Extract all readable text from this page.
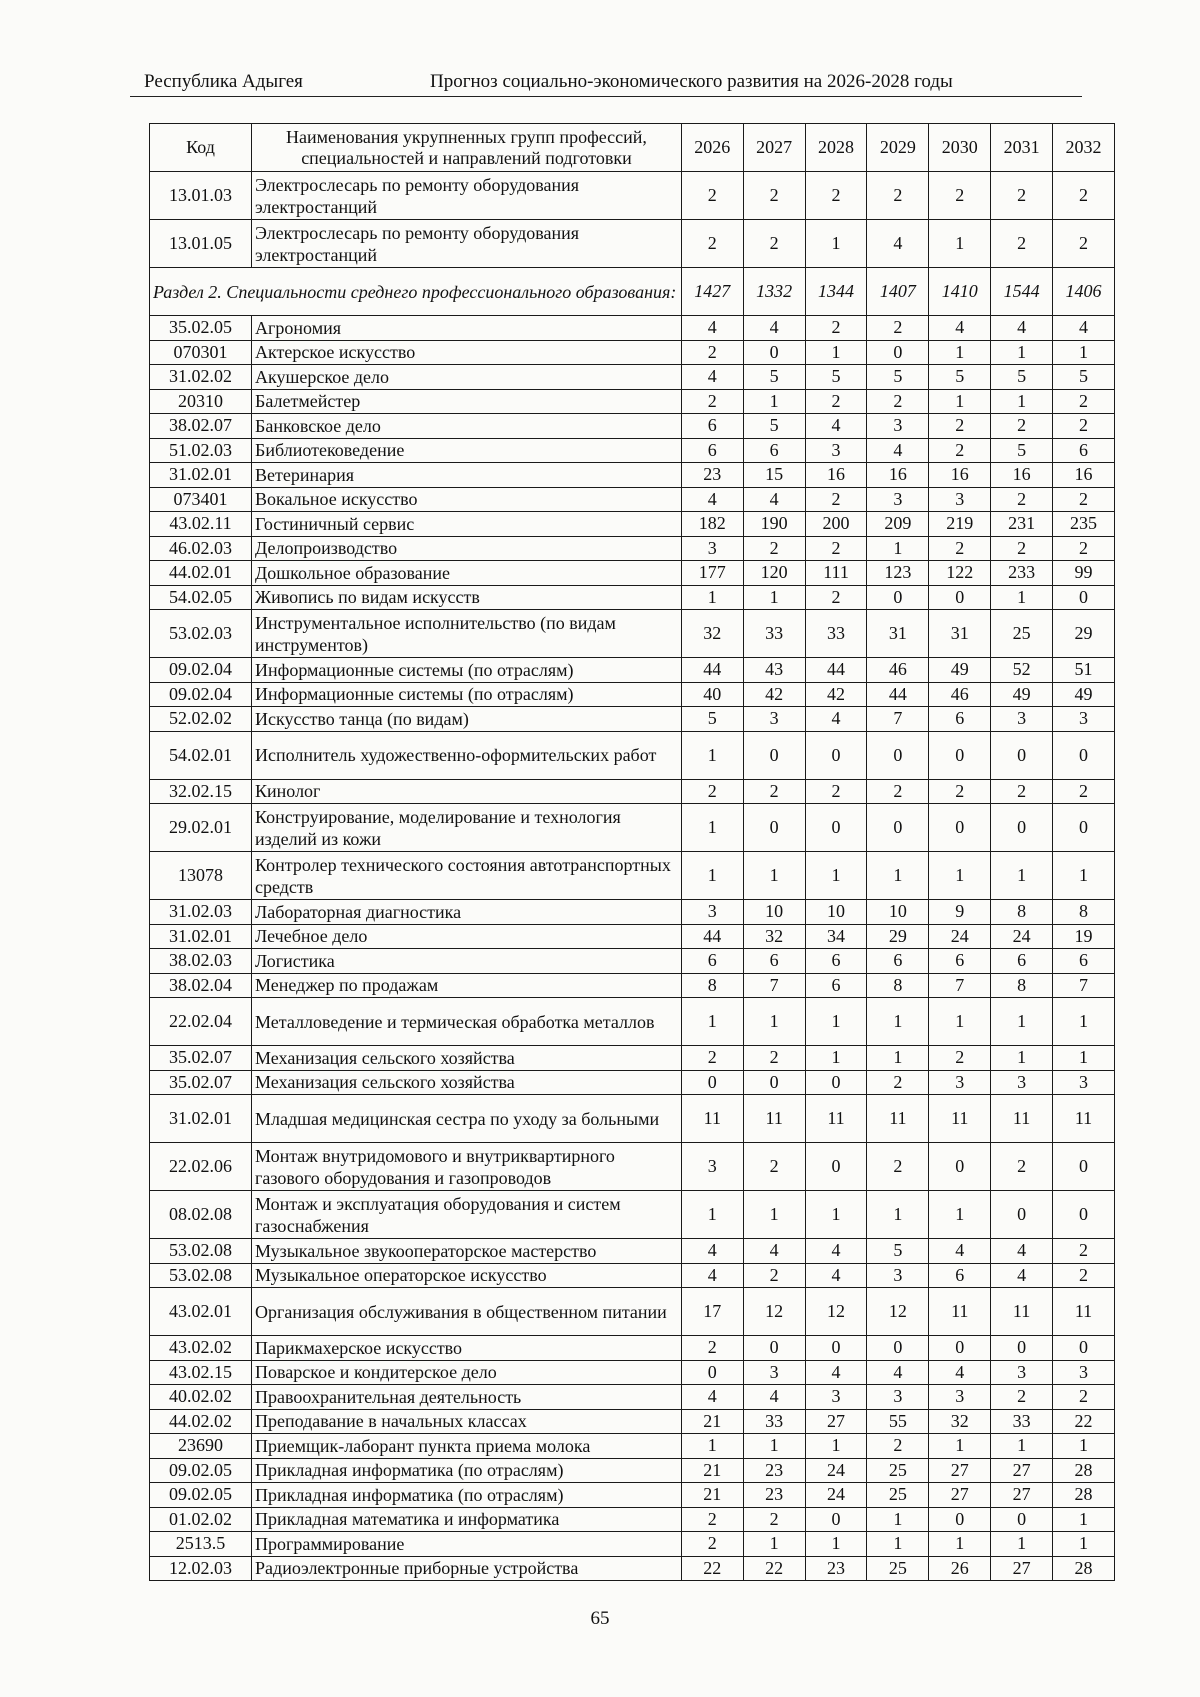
Республика Адыгея	Прогноз социально-экономического развития на 2026-2028 годы
Код	Наименования укрупненных групп профессий, специальностей и направлений подготовки	2026	2027	2028	2029	2030	2031	2032
13.01.03	Электрослесарь по ремонту оборудования электростанций	2	2	2	2	2	2	2
13.01.05	Электрослесарь по ремонту оборудования электростанций	2	2	1	4	1	2	2
Раздел 2. Специальности среднего профессионального образования:		1427	1332	1344	1407	1410	1544	1406
35.02.05	Агрономия	4	4	2	2	4	4	4
070301	Актерское искусство	2	0	1	0	1	1	1
31.02.02	Акушерское дело	4	5	5	5	5	5	5
20310	Балетмейстер	2	1	2	2	1	1	2
38.02.07	Банковское дело	6	5	4	3	2	2	2
51.02.03	Библиотековедение	6	6	3	4	2	5	6
31.02.01	Ветеринария	23	15	16	16	16	16	16
073401	Вокальное искусство	4	4	2	3	3	2	2
43.02.11	Гостиничный сервис	182	190	200	209	219	231	235
46.02.03	Делопроизводство	3	2	2	1	2	2	2
44.02.01	Дошкольное образование	177	120	111	123	122	233	99
54.02.05	Живопись по видам искусств	1	1	2	0	0	1	0
53.02.03	Инструментальное исполнительство (по видам инструментов)	32	33	33	31	31	25	29
09.02.04	Информационные системы (по отраслям)	44	43	44	46	49	52	51
09.02.04	Информационные системы (по отраслям)	40	42	42	44	46	49	49
52.02.02	Искусство танца (по видам)	5	3	4	7	6	3	3
54.02.01	Исполнитель художественно-оформительских работ	1	0	0	0	0	0	0
32.02.15	Кинолог	2	2	2	2	2	2	2
29.02.01	Конструирование, моделирование и технология изделий из кожи	1	0	0	0	0	0	0
13078	Контролер технического состояния автотранспортных средств	1	1	1	1	1	1	1
31.02.03	Лабораторная диагностика	3	10	10	10	9	8	8
31.02.01	Лечебное дело	44	32	34	29	24	24	19
38.02.03	Логистика	6	6	6	6	6	6	6
38.02.04	Менеджер по продажам	8	7	6	8	7	8	7
22.02.04	Металловедение и термическая обработка металлов	1	1	1	1	1	1	1
35.02.07	Механизация сельского хозяйства	2	2	1	1	2	1	1
35.02.07	Механизация сельского хозяйства	0	0	0	2	3	3	3
31.02.01	Младшая медицинская сестра по уходу за больными	11	11	11	11	11	11	11
22.02.06	Монтаж внутридомового и внутриквартирного газового оборудования и газопроводов	3	2	0	2	0	2	0
08.02.08	Монтаж и эксплуатация оборудования и систем газоснабжения	1	1	1	1	1	0	0
53.02.08	Музыкальное звукооператорское мастерство	4	4	4	5	4	4	2
53.02.08	Музыкальное операторское искусство	4	2	4	3	6	4	2
43.02.01	Организация обслуживания в общественном питании	17	12	12	12	11	11	11
43.02.02	Парикмахерское искусство	2	0	0	0	0	0	0
43.02.15	Поварское и кондитерское дело	0	3	4	4	4	3	3
40.02.02	Правоохранительная деятельность	4	4	3	3	3	2	2
44.02.02	Преподавание в начальных классах	21	33	27	55	32	33	22
23690	Приемщик-лаборант пункта приема молока	1	1	1	2	1	1	1
09.02.05	Прикладная информатика (по отраслям)	21	23	24	25	27	27	28
09.02.05	Прикладная информатика (по отраслям)	21	23	24	25	27	27	28
01.02.02	Прикладная математика и информатика	2	2	0	1	0	0	1
2513.5	Программирование	2	1	1	1	1	1	1
12.02.03	Радиоэлектронные приборные устройства	22	22	23	25	26	27	28
65
